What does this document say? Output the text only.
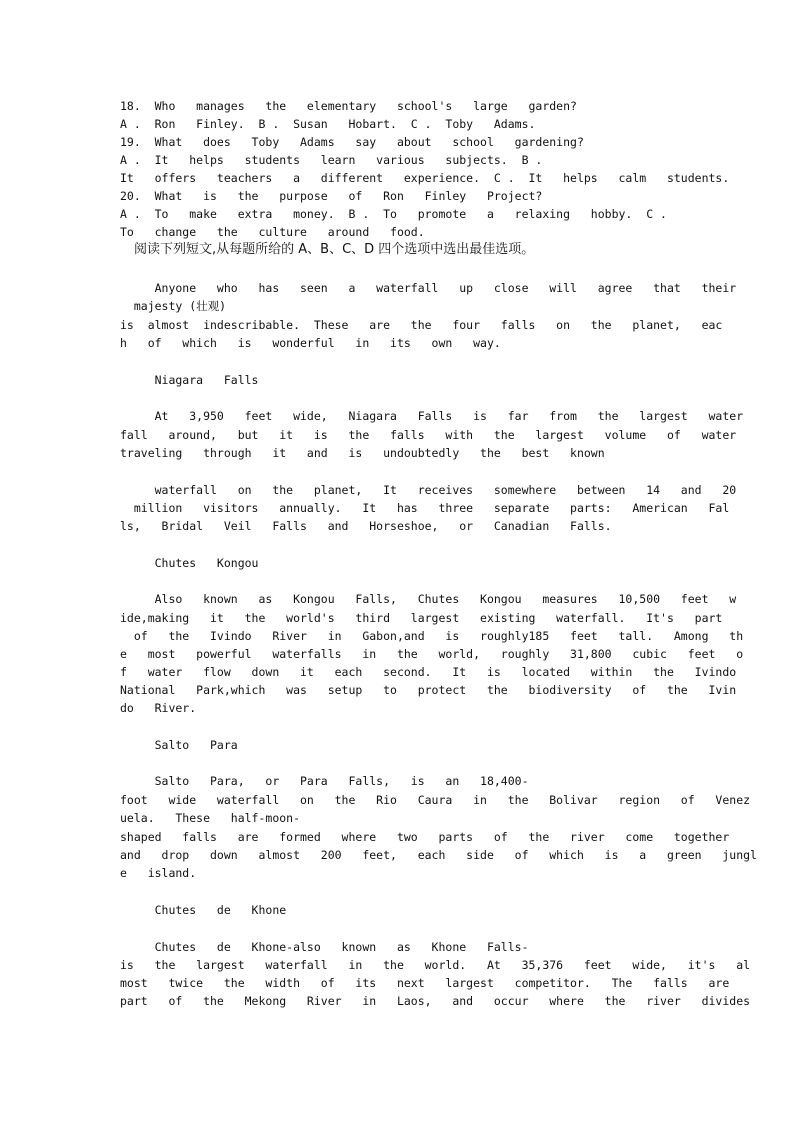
18.  Who   manages   the   elementary   school's   large   garden?
A .  Ron   Finley.  B .  Susan   Hobart.  C .  Toby   Adams.
19.  What   does   Toby   Adams   say   about   school   gardening?
A .  It   helps   students   learn   various   subjects.  B .
It   offers   teachers   a   different   experience.  C .  It   helps   calm   students.
20.  What   is   the   purpose   of   Ron   Finley   Project?
A .  To   make   extra   money.  B .  To   promote   a   relaxing   hobby.  C .
To   change   the   culture   around   food.
阅读下列短文,从每题所给的 A、B、C、D 四个选项中选出最佳选项。
Anyone   who   has   seen   a   waterfall   up   close   will   agree   that   their
majesty (壮观)
is  almost  indescribable.  These   are   the   four   falls   on   the   planet,   eac
h   of   which   is   wonderful   in   its   own   way.
Niagara   Falls
At   3,950   feet   wide,   Niagara   Falls   is   far   from   the   largest   water
fall   around,   but   it   is   the   falls   with   the   largest   volume   of   water
traveling   through   it   and   is   undoubtedly   the   best   known
waterfall   on   the   planet,   It   receives   somewhere   between   14   and   20
million   visitors   annually.   It   has   three   separate   parts:   American   Fal
ls,   Bridal   Veil   Falls   and   Horseshoe,   or   Canadian   Falls.
Chutes   Kongou
Also   known   as   Kongou   Falls,   Chutes   Kongou   measures   10,500   feet   w
ide,making   it   the   world's   third   largest   existing   waterfall.   It's   part
of   the   Ivindo   River   in   Gabon,and   is   roughly185   feet   tall.   Among   th
e   most   powerful   waterfalls   in   the   world,   roughly   31,800   cubic   feet   o
f   water   flow   down   it   each   second.   It   is   located   within   the   Ivindo
National   Park,which   was   setup   to   protect   the   biodiversity   of   the   Ivin
do   River.
Salto   Para
Salto   Para,   or   Para   Falls,   is   an   18,400-
foot   wide   waterfall   on   the   Rio   Caura   in   the   Bolivar   region   of   Venez
uela.   These   half-moon-
shaped   falls   are   formed   where   two   parts   of   the   river   come   together
and   drop   down   almost   200   feet,   each   side   of   which   is   a   green   jungl
e   island.
Chutes   de   Khone
Chutes   de   Khone-also   known   as   Khone   Falls-
is   the   largest   waterfall   in   the   world.   At   35,376   feet   wide,   it's   al
most   twice   the   width   of   its   next   largest   competitor.   The   falls   are
part   of   the   Mekong   River   in   Laos,   and   occur   where   the   river   divides
